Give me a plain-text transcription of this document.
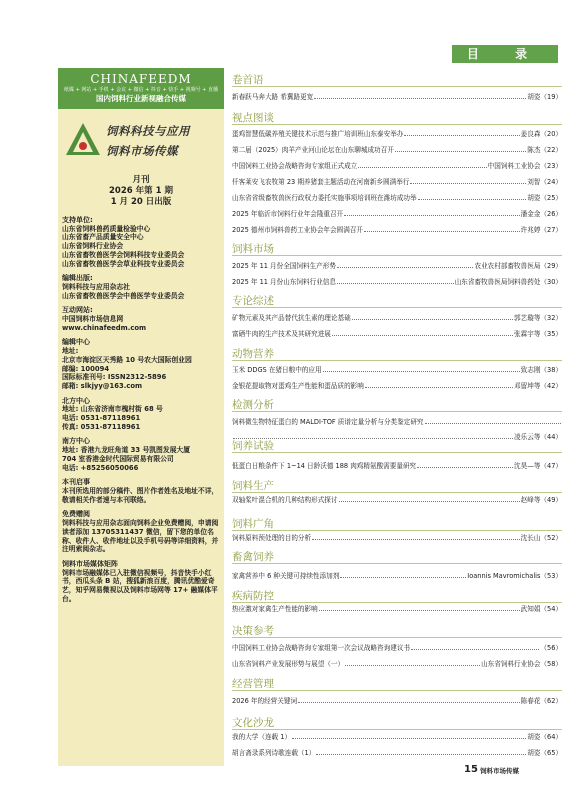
CHINAFEEDM
纸媒 + 网站 + 手机 + 会议 + 微信 + 抖音 + 快手 + 视频号 + 直播
国内饲料行业新视融合传媒
饲料科技与应用
饲料市场传媒
月刊
2026 年第 1 期
1 月 20 日出版
支持单位:
山东省饲料兽药质量检验中心
山东省畜产品质量安全中心
山东省饲料行业协会
山东省畜牧兽医学会饲料科技专业委员会
山东省畜牧兽医学会草业科技专业委员会
编辑出版:
饲料科技与应用杂志社
山东省畜牧兽医学会中兽医学专业委员会
互动网站:
中国饲料市场信息网
www.chinafeedm.com
编辑中心
地址:
北京市海淀区天秀路 10 号农大国际创业园
邮编: 100094
国际标准刊号: ISSN2312-5896
邮箱: slkjyy@163.com
北方中心
地址: 山东省济南市槐村街 68 号
电话: 0531-87118961
传真: 0531-87118961
南方中心
地址: 香港九龙旺角道 33 号凯图发展大厦
704 室香港金时代国际贸易有限公司
电话: +85256050066
本刊启事
本刊所选用的部分稿件、图片作者姓名及地址不详，敬请相关作者速与本刊联络。
免费赠阅
饲料科技与应用杂志面向饲料企业免费赠阅，申请阅读者添加 13705311437 微信，留下您的单位名称、收件人、收件地址以及手机号码等详细资料，并注明索阅杂志。
饲料市场媒体矩阵
饲料市场融媒体已入驻微信视频号，抖音快手小红书，西瓜头条 B 站，搜狐新浪百度，腾讯优酷爱奇艺，知乎网易微视以及饲料市场网等 17+ 融媒体平台。
目 录
卷首语
新春跃马奔大路 希冀路更宽	胡姿（19）
视点图谈
蛋鸡智慧低碳养殖关键技术示范与推广培训班山东泰安举办	姜良森（20）
第二届（2025）肉羊产业河山论坛在山东聊城成功召开	陈杰（22）
中国饲料工业协会战略咨询专家组正式成立	中国饲料工业协会（23）
仟客莱安飞农牧第 23 期养猪套主题活动在河南新乡圆满举行	刘智（24）
山东省省级畜牧兽医行政权力委托实施事项培训班在潍坊成功举	胡姿（25）
2025 年临沂市饲料行业年会隆重召开	潘金金（26）
2025 德州市饲料兽药工业协会年会圆满召开	许兆婷（27）
饲料市场
2025 年 11 月份全国饲料生产形势	农业农村部畜牧兽医局（29）
2025 年 11 月份山东饲料行业信息	山东省畜牧兽医局饲料兽药处（30）
专论综述
矿物元素及其产品替代抗生素的理论基础	郭艺璇等（32）
富硒牛肉的生产技术及其研究进展	张霖宇等（35）
动物营养
玉米 DDGS 在猪日粮中的应用	致志刚（38）
金银花提取物对蛋鸡生产性能和蛋品质的影响	邓留坤等（42）
检测分析
饲料微生物特征蛋白的 MALDI-TOF 质谱定量分析与分类鉴定研究
凌乐云等（44）
饲养试验
低蛋白日粮条件下 1~14 日龄沃德 188 肉鸡精氨酸需要量研究	沈昊—等（47）
饲料生产
双轴桨叶混合机的几种结构形式探讨	赵峰等（49）
饲料广角
饲料原料预处理的目的分析	沈长山（52）
畜禽饲养
家禽营养中 6 种关键可持续性添加剂	Ioannis Mavromichalis（53）
疾病防控
热应激对家禽生产性能的影响	武知娟（54）
决策参考
中国饲料工业协会战略咨询专家组第一次会议战略咨询建议书	（56）
山东省饲料产业发展形势与展望（一）	山东省饲料行业协会（58）
经营管理
2026 年的经营关键词	陈春花（62）
文化沙龙
我的大学（连载 1）	胡姿（64）
胡言斋录系列诗歌连载（1）	胡姿（65）
15 饲料市场传媒
